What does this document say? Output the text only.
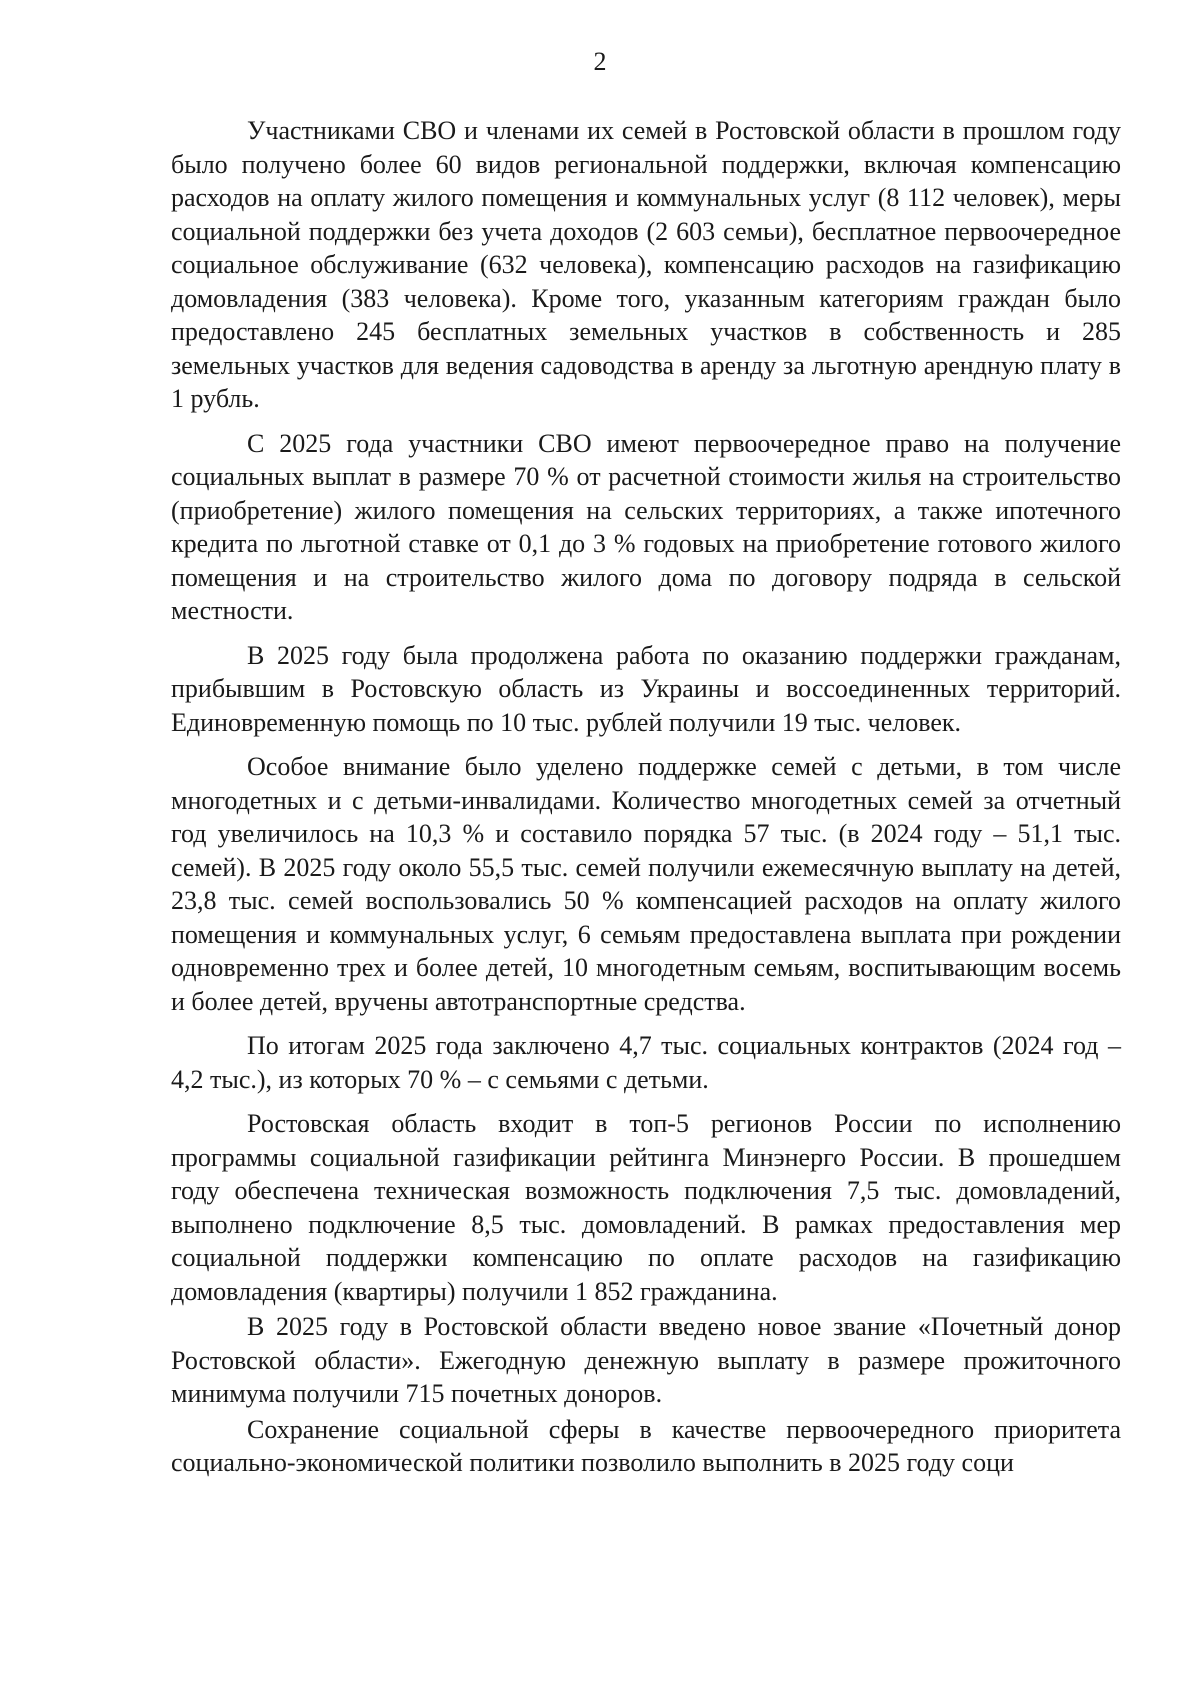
2

Участниками СВО и членами их семей в Ростовской области в прошлом году было получено более 60 видов региональной поддержки, включая компенсацию расходов на оплату жилого помещения и коммунальных услуг (8 112 человек), меры социальной поддержки без учета доходов (2 603 семьи), бесплатное первоочередное социальное обслуживание (632 человека), компенсацию расходов на газификацию домовладения (383 человека). Кроме того, указанным категориям граждан было предоставлено 245 бесплатных земельных участков в собственность и 285 земельных участков для ведения садоводства в аренду за льготную арендную плату в 1 рубль.

С 2025 года участники СВО имеют первоочередное право на получение социальных выплат в размере 70 % от расчетной стоимости жилья на строительство (приобретение) жилого помещения на сельских территориях, а также ипотечного кредита по льготной ставке от 0,1 до 3 % годовых на приобретение готового жилого помещения и на строительство жилого дома по договору подряда в сельской местности.

В 2025 году была продолжена работа по оказанию поддержки гражданам, прибывшим в Ростовскую область из Украины и воссоединенных территорий. Единовременную помощь по 10 тыс. рублей получили 19 тыс. человек.

Особое внимание было уделено поддержке семей с детьми, в том числе многодетных и с детьми-инвалидами. Количество многодетных семей за отчетный год увеличилось на 10,3 % и составило порядка 57 тыс. (в 2024 году – 51,1 тыс. семей). В 2025 году около 55,5 тыс. семей получили ежемесячную выплату на детей, 23,8 тыс. семей воспользовались 50 % компенсацией расходов на оплату жилого помещения и коммунальных услуг, 6 семьям предоставлена выплата при рождении одновременно трех и более детей, 10 многодетным семьям, воспитывающим восемь и более детей, вручены автотранспортные средства.

По итогам 2025 года заключено 4,7 тыс. социальных контрактов (2024 год – 4,2 тыс.), из которых 70 % – с семьями с детьми.

Ростовская область входит в топ-5 регионов России по исполнению программы социальной газификации рейтинга Минэнерго России. В прошедшем году обеспечена техническая возможность подключения 7,5 тыс. домовладений, выполнено подключение 8,5 тыс. домовладений. В рамках предоставления мер социальной поддержки компенсацию по оплате расходов на газификацию домовладения (квартиры) получили 1 852 гражданина.

В 2025 году в Ростовской области введено новое звание «Почетный донор Ростовской области». Ежегодную денежную выплату в размере прожиточного минимума получили 715 почетных доноров.

Сохранение социальной сферы в качестве первоочередного приоритета социально-экономической политики позволило выполнить в 2025 году соци
